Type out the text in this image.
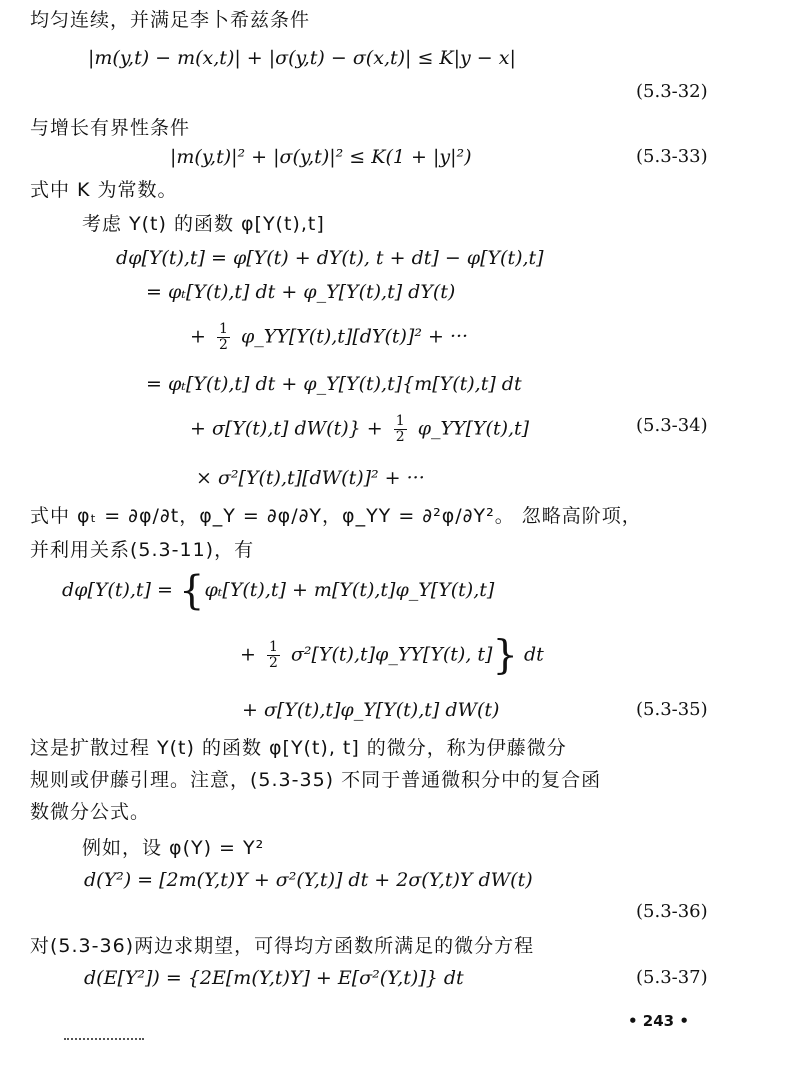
均匀连续，并满足李卜希兹条件
|m(y,t) − m(x,t)| + |σ(y,t) − σ(x,t)| ≤ K|y − x|
(5.3-32)
与增长有界性条件
|m(y,t)|² + |σ(y,t)|² ≤ K(1 + |y|²)	(5.3-33)
式中 K 为常数。
考虑 Y(t) 的函数 φ[Y(t),t]
dφ[Y(t),t] = φ[Y(t) + dY(t), t + dt] − φ[Y(t),t]
= φₜ[Y(t),t] dt + φ_Y[Y(t),t] dY(t)
+ $\frac{1}{2}$ φ_YY[Y(t),t][dY(t)]² + ···
= φₜ[Y(t),t] dt + φ_Y[Y(t),t]{m[Y(t),t] dt
+ σ[Y(t),t] $dW(t)\} + \frac{1}{2}$ φ_YY[Y(t),t]	(5.3-34)
× σ²[Y(t),t][dW(t)]² + ···
式中 φₜ = ∂φ/∂t，φ_Y = ∂φ/∂Y，φ_YY = ∂²φ/∂Y²。 忽略高阶项，
并利用关系(5.3-11)，有
dφ[Y(t),t] = {φₜ[Y(t),t] + m[Y(t),t]φ_Y[Y(t),t]
+ $\frac{1}{2}$ σ²[Y(t),t]φ_YY[Y(t), t]} dt
+ σ[Y(t),t]φ_Y[Y(t),t] dW(t)	(5.3-35)
这是扩散过程 Y(t) 的函数 φ[Y(t), t] 的微分，称为伊藤微分
规则或伊藤引理。注意，(5.3-35) 不同于普通微积分中的复合函
数微分公式。
例如，设 φ(Y) = Y²
d(Y²) = [2m(Y,t)Y + σ²(Y,t)] dt + 2σ(Y,t)Y dW(t)
(5.3-36)
对(5.3-36)两边求期望，可得均方函数所满足的微分方程
d(E[Y²]) = {2E[m(Y,t)Y] + E[σ²(Y,t)]} dt	(5.3-37)
• 243 •
